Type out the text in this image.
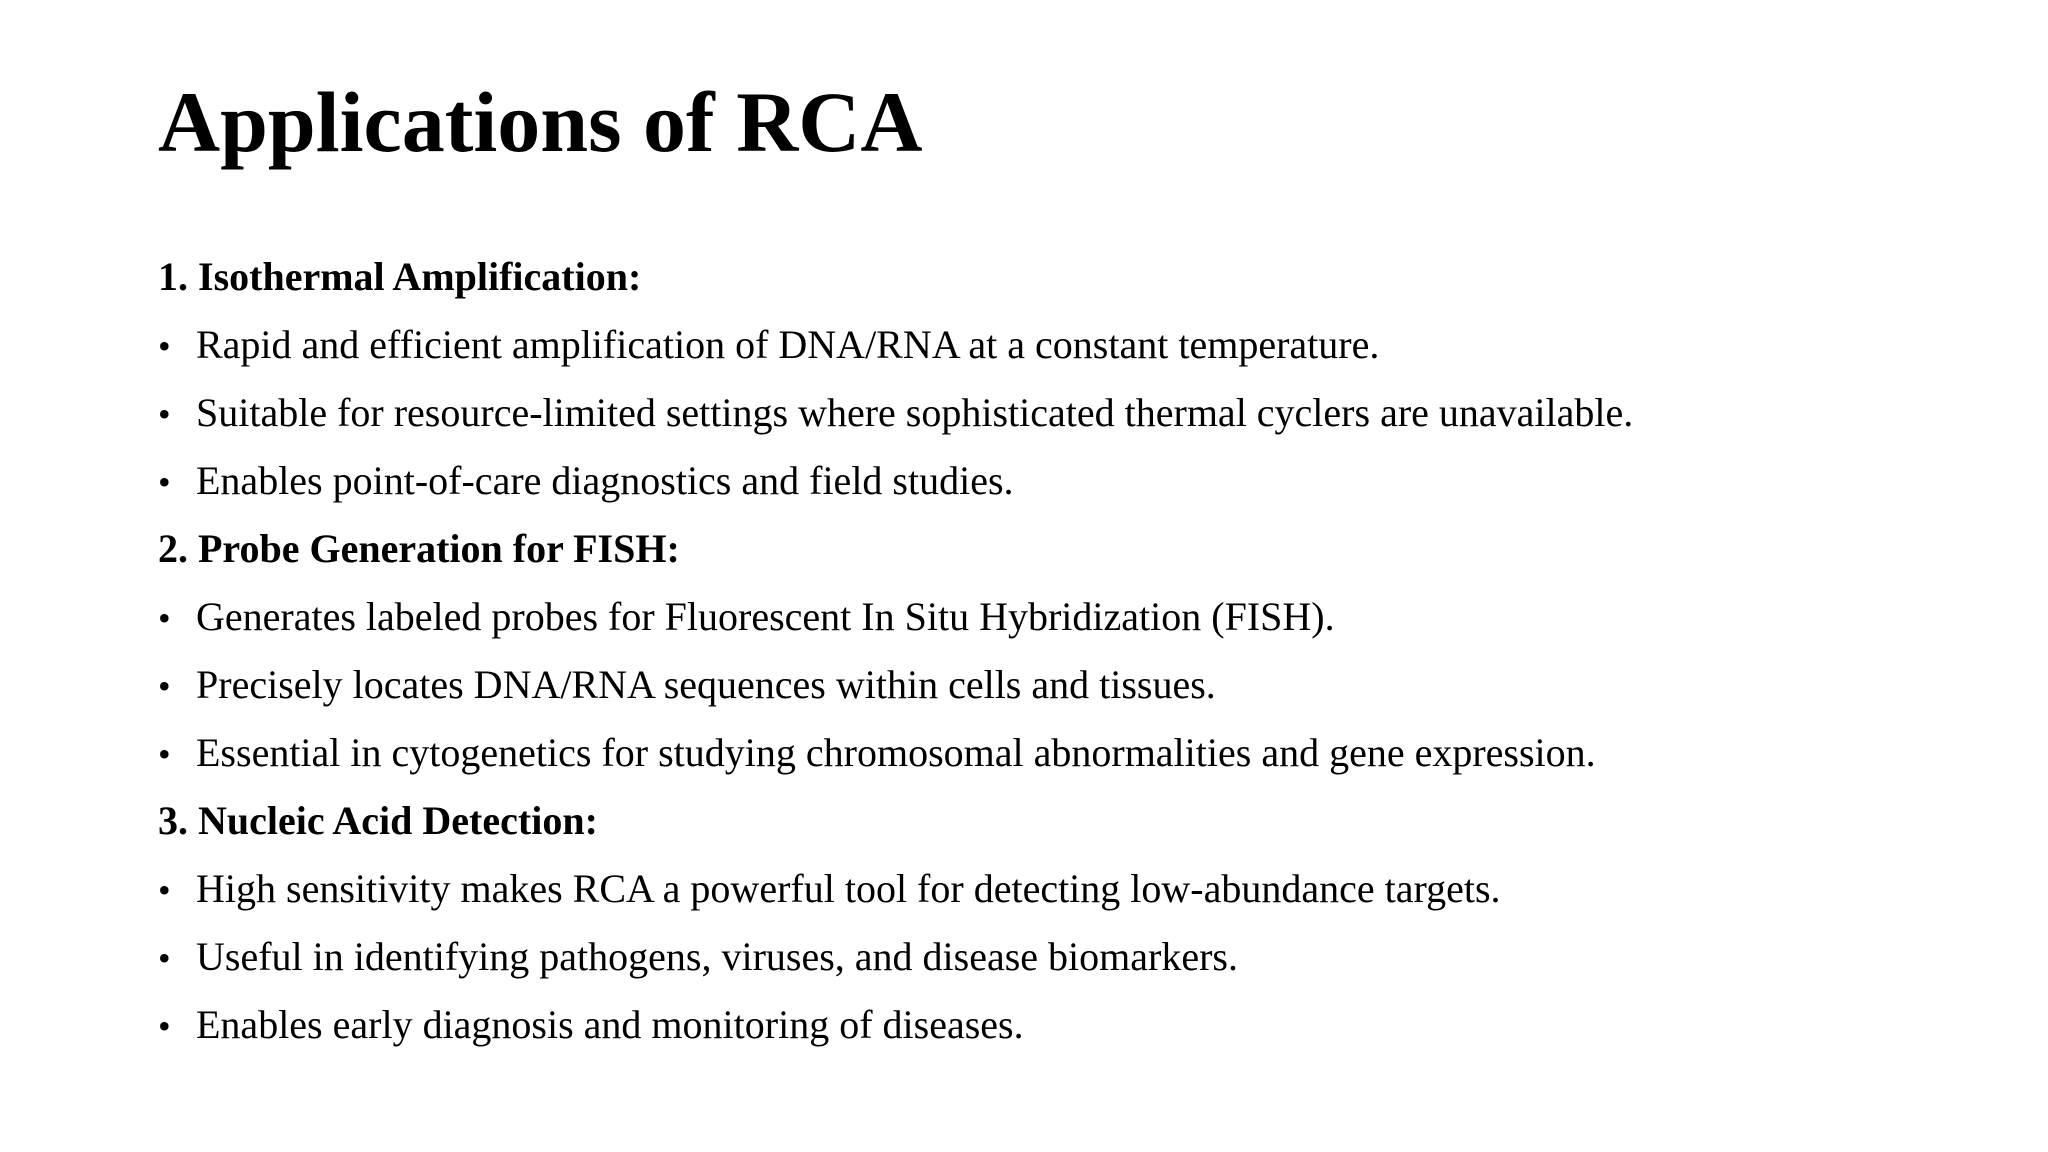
Applications of RCA
1. Isothermal Amplification:
• Rapid and efficient amplification of DNA/RNA at a constant temperature.
• Suitable for resource-limited settings where sophisticated thermal cyclers are unavailable.
• Enables point-of-care diagnostics and field studies.
2. Probe Generation for FISH:
• Generates labeled probes for Fluorescent In Situ Hybridization (FISH).
• Precisely locates DNA/RNA sequences within cells and tissues.
• Essential in cytogenetics for studying chromosomal abnormalities and gene expression.
3. Nucleic Acid Detection:
• High sensitivity makes RCA a powerful tool for detecting low-abundance targets.
• Useful in identifying pathogens, viruses, and disease biomarkers.
• Enables early diagnosis and monitoring of diseases.
